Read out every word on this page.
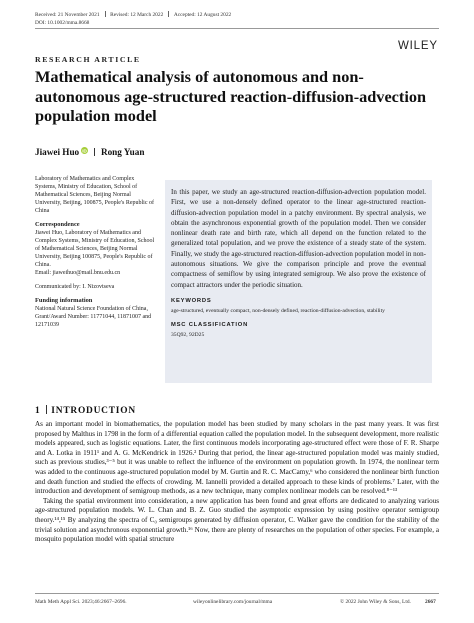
Received: 21 November 2021 Revised: 12 March 2022 Accepted: 12 August 2022
DOI: 10.1002/mma.8668
WILEY
RESEARCH ARTICLE
Mathematical analysis of autonomous and non-autonomous age-structured reaction-diffusion-advection population model
Jiawei Huo iD Rong Yuan

Laboratory of Mathematics and Complex Systems, Ministry of Education, School of Mathematical Sciences, Beijing Normal University, Beijing, 100875, People's Republic of China

Correspondence
Jiawei Huo, Laboratory of Mathematics and Complex Systems, Ministry of Education, School of Mathematical Sciences, Beijing Normal University, Beijing 100875, People's Republic of China.

Email: jiaweihuo@mail.bnu.edu.cn

Communicated by: I. Nizovtseva

Funding information
National Natural Science Foundation of China, Grant/Award Number: 11771044, 11871007 and 12171039
In this paper, we study an age-structured reaction-diffusion-advection population model. First, we use a non-densely defined operator to the linear age-structured reaction-diffusion-advection population model in a patchy environment. By spectral analysis, we obtain the asynchronous exponential growth of the population model. Then we consider nonlinear death rate and birth rate, which all depend on the function related to the generalized total population, and we prove the existence of a steady state of the system. Finally, we study the age-structured reaction-diffusion-advection population model in non-autonomous situations. We give the comparison principle and prove the eventual compactness of semiflow by using integrated semigroup. We also prove the existence of compact attractors under the periodic situation.
KEYWORDS
age-structured, eventually compact, non-densely defined, reaction-diffusion-advection, stability
MSC CLASSIFICATION
35Q92, 92D25
1 INTRODUCTION

As an important model in biomathematics, the population model has been studied by many scholars in the past many years. It was first proposed by Malthus in 1798 in the form of a differential equation called the population model. In the subsequent development, more realistic models appeared, such as logistic equations. Later, the first continuous models incorporating age-structured effect were those of F. R. Sharpe and A. Lotka in 1911¹ and A. G. McKendrick in 1926.² During that period, the linear age-structured population model was mainly studied, such as previous studies,³⁻⁵ but it was unable to reflect the influence of the environment on population growth. In 1974, the nonlinear term was added to the continuous age-structured population model by M. Gurtin and R. C. MacCamy,⁶ who considered the nonlinear birth function and death function and studied the effects of crowding. M. Iannelli provided a detailed approach to these kinds of problems.⁷ Later, with the introduction and development of semigroup methods, as a new technique, many complex nonlinear models can be resolved.⁸⁻¹³

Taking the spatial environment into consideration, a new application has been found and great efforts are dedicated to analyzing various age-structured population models. W. L. Chan and B. Z. Guo studied the asymptotic expression by using positive operator semigroup theory.¹⁴,¹⁵ By analyzing the spectra of C₀ semigroups generated by diffusion operator, C. Walker gave the condition for the stability of the trivial solution and asynchronous exponential growth.¹⁶ Now, there are plenty of researches on the population of other species. For example, a mosquito population model with spatial structure

Math Meth Appl Sci. 2023;46:2667–2696.	wileyonlinelibrary.com/journal/mma	© 2022 John Wiley & Sons, Ltd.	2667
